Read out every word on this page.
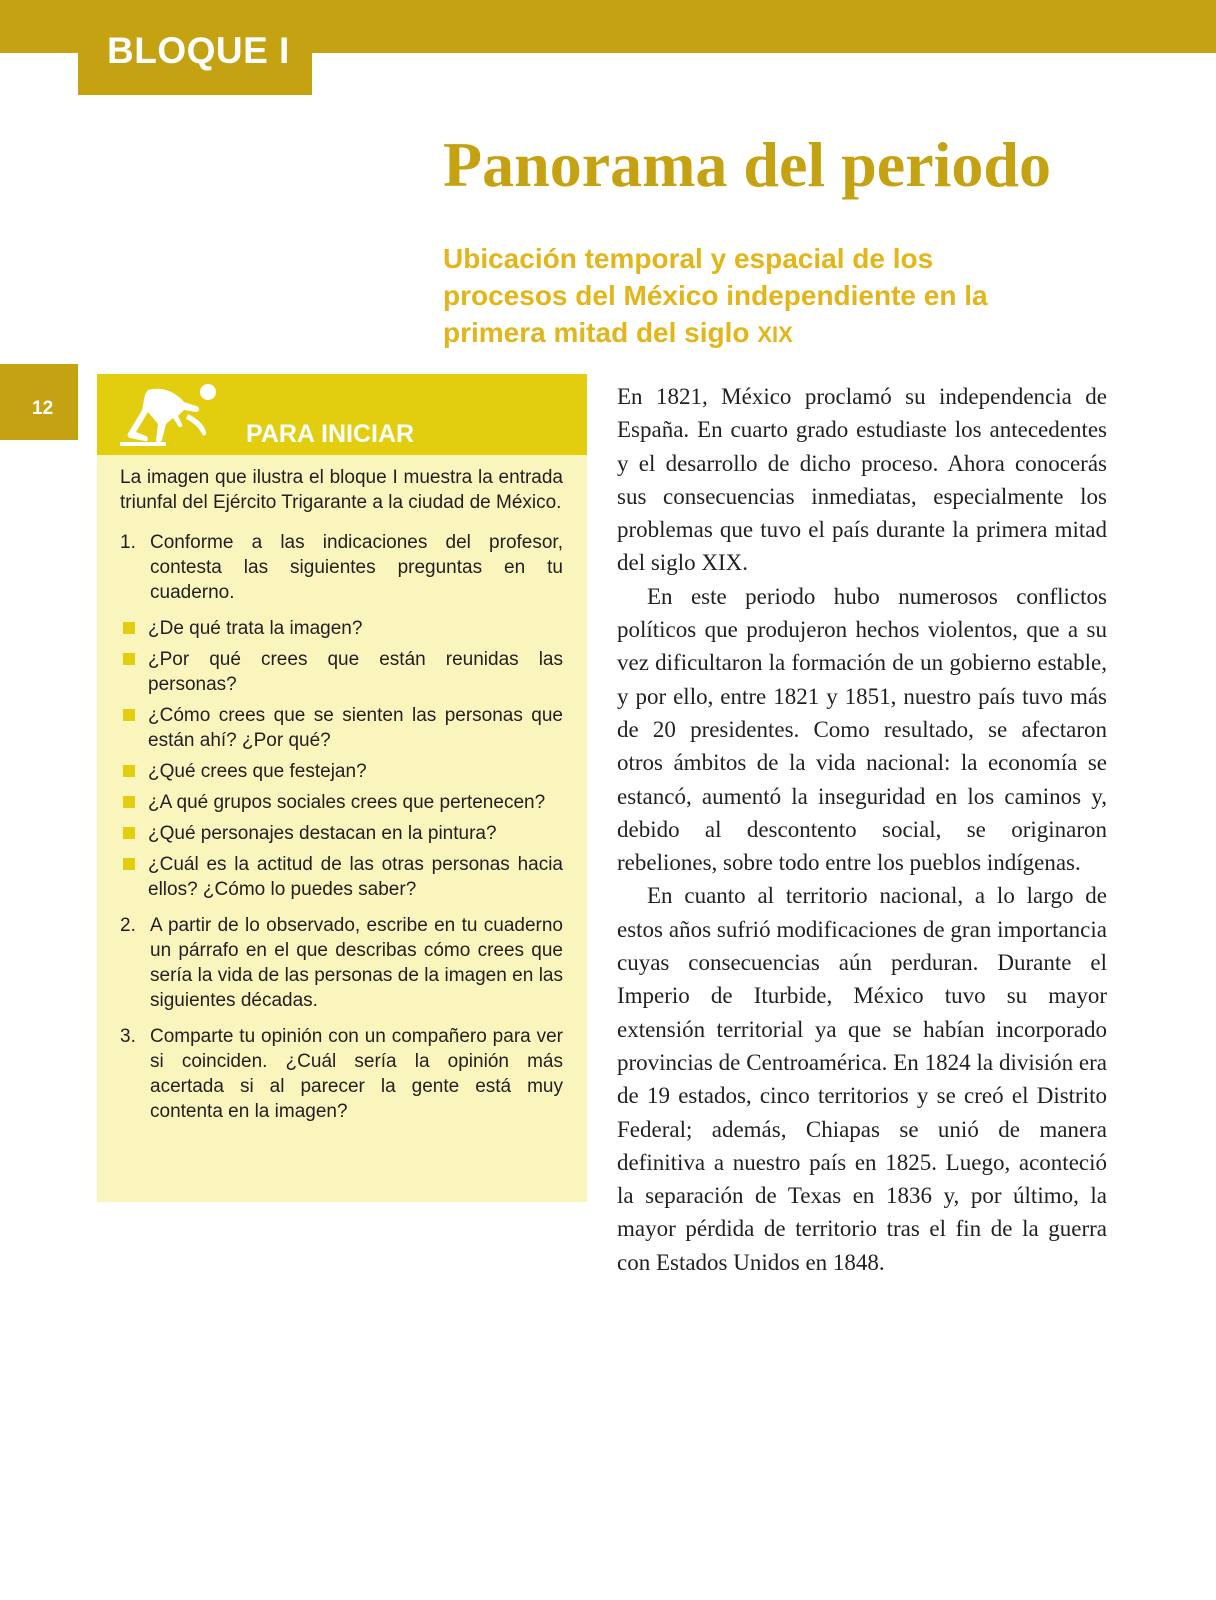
BLOQUE I
12
Panorama del periodo
Ubicación temporal y espacial de los procesos del México independiente en la primera mitad del siglo XIX
PARA INICIAR

La imagen que ilustra el bloque I muestra la entrada triunfal del Ejército Trigarante a la ciudad de México.

1. Conforme a las indicaciones del profesor, contesta las siguientes preguntas en tu cuaderno.
¿De qué trata la imagen?
¿Por qué crees que están reunidas las personas?
¿Cómo crees que se sienten las personas que están ahí? ¿Por qué?
¿Qué crees que festejan?
¿A qué grupos sociales crees que pertenecen?
¿Qué personajes destacan en la pintura?
¿Cuál es la actitud de las otras personas hacia ellos? ¿Cómo lo puedes saber?
2. A partir de lo observado, escribe en tu cuaderno un párrafo en el que describas cómo crees que sería la vida de las personas de la imagen en las siguientes décadas.
3. Comparte tu opinión con un compañero para ver si coinciden. ¿Cuál sería la opinión más acertada si al parecer la gente está muy contenta en la imagen?

En 1821, México proclamó su independencia de España. En cuarto grado estudiaste los antecedentes y el desarrollo de dicho proceso. Ahora conocerás sus consecuencias inmediatas, especialmente los problemas que tuvo el país durante la primera mitad del siglo XIX.

En este periodo hubo numerosos conflictos políticos que produjeron hechos violentos, que a su vez dificultaron la formación de un gobierno estable, y por ello, entre 1821 y 1851, nuestro país tuvo más de 20 presidentes. Como resultado, se afectaron otros ámbitos de la vida nacional: la economía se estancó, aumentó la inseguridad en los caminos y, debido al descontento social, se originaron rebeliones, sobre todo entre los pueblos indígenas.

En cuanto al territorio nacional, a lo largo de estos años sufrió modificaciones de gran importancia cuyas consecuencias aún perduran. Durante el Imperio de Iturbide, México tuvo su mayor extensión territorial ya que se habían incorporado provincias de Centroamérica. En 1824 la división era de 19 estados, cinco territorios y se creó el Distrito Federal; además, Chiapas se unió de manera definitiva a nuestro país en 1825. Luego, aconteció la separación de Texas en 1836 y, por último, la mayor pérdida de territorio tras el fin de la guerra con Estados Unidos en 1848.
